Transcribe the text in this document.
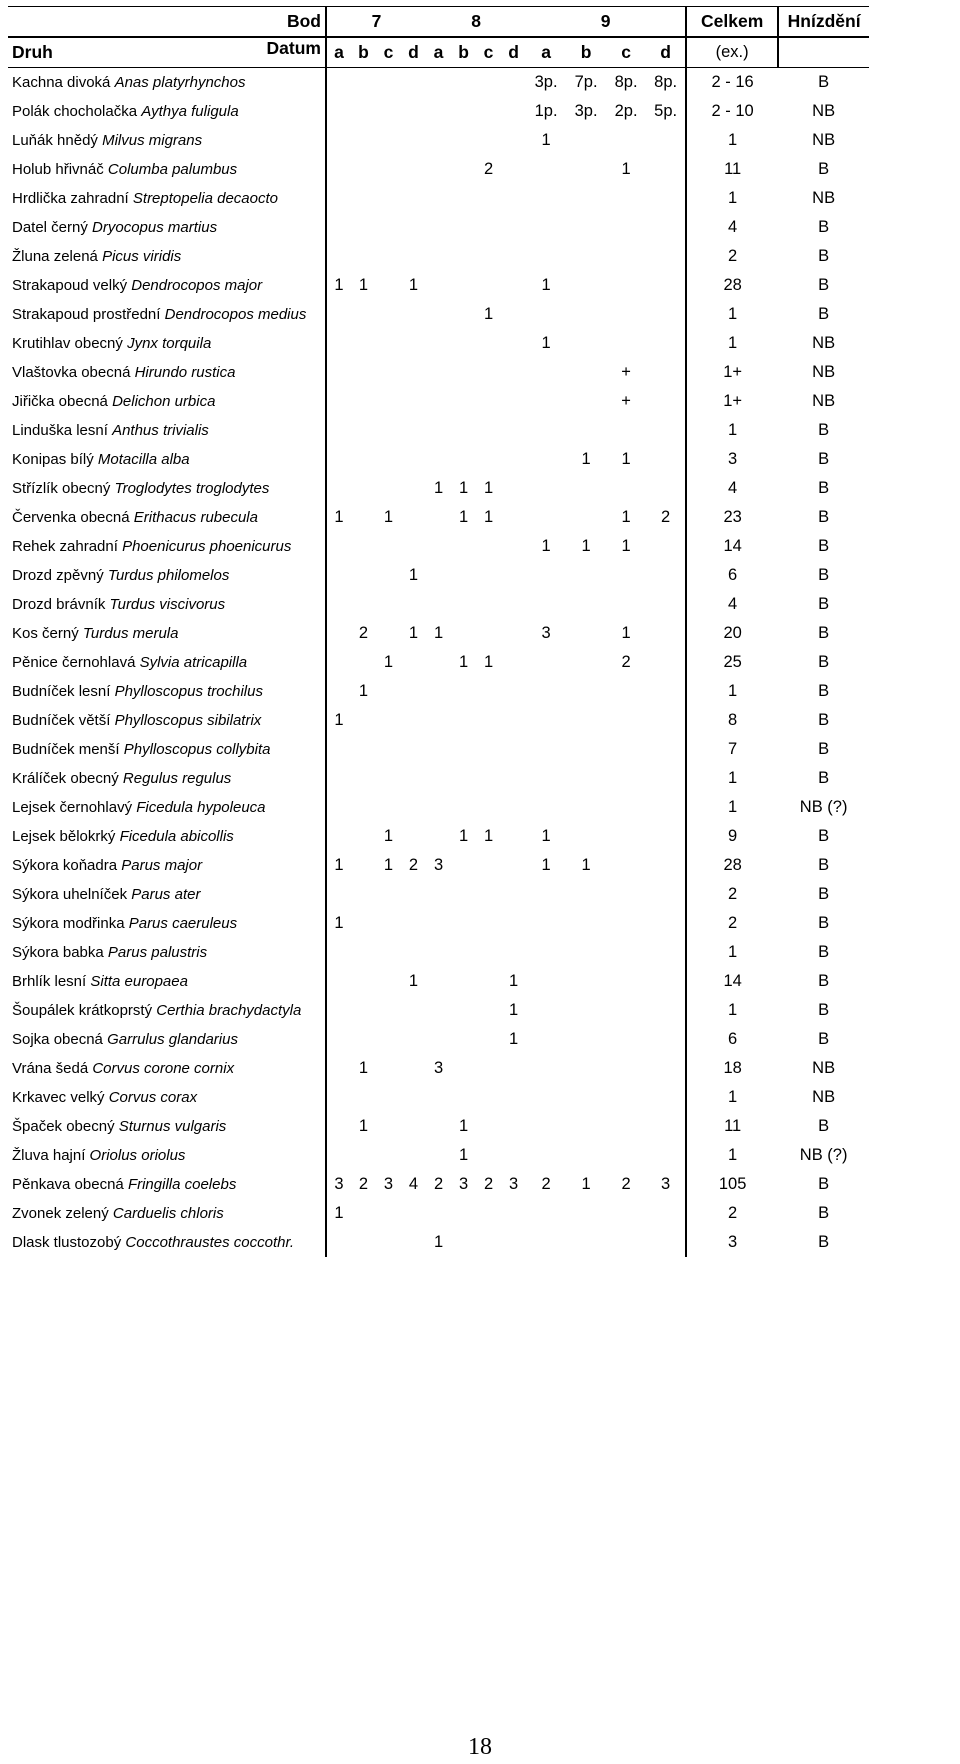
Bod	7				8				9				Celkem	Hnízdění
Druh Datum	a	b	c	d	a	b	c	d	a	b	c	d	(ex.)	
Kachna divoká Anas platyrhynchos									3p.	7p.	8p.	8p.	2 - 16	B
Polák chocholačka Aythya fuligula									1p.	3p.	2p.	5p.	2 - 10	NB
Luňák hnědý Milvus migrans									1				1	NB
Holub hřivnáč Columba palumbus							2				1		11	B
Hrdlička zahradní Streptopelia decaocto													1	NB
Datel černý Dryocopus martius													4	B
Žluna zelená Picus viridis													2	B
Strakapoud velký Dendrocopos major	1	1		1					1				28	B
Strakapoud prostřední Dendrocopos medius							1						1	B
Krutihlav obecný Jynx torquila									1				1	NB
Vlaštovka obecná Hirundo rustica											+		1+	NB
Jiřička obecná Delichon urbica											+		1+	NB
Linduška lesní Anthus trivialis													1	B
Konipas bílý Motacilla alba										1	1		3	B
Střízlík obecný Troglodytes troglodytes					1	1	1						4	B
Červenka obecná Erithacus rubecula	1		1			1	1				1	2	23	B
Rehek zahradní Phoenicurus phoenicurus									1	1	1		14	B
Drozd zpěvný Turdus philomelos				1									6	B
Drozd brávník Turdus viscivorus													4	B
Kos černý Turdus merula		2		1	1				3		1		20	B
Pěnice černohlavá Sylvia atricapilla			1			1	1				2		25	B
Budníček lesní Phylloscopus trochilus		1											1	B
Budníček větší Phylloscopus sibilatrix	1												8	B
Budníček menší Phylloscopus collybita													7	B
Králíček obecný Regulus regulus													1	B
Lejsek černohlavý Ficedula hypoleuca													1	NB (?)
Lejsek bělokrký Ficedula abicollis			1			1	1		1				9	B
Sýkora koňadra Parus major	1		1	2	3				1	1			28	B
Sýkora uhelníček Parus ater													2	B
Sýkora modřinka Parus caeruleus	1												2	B
Sýkora babka Parus palustris													1	B
Brhlík lesní Sitta europaea				1				1					14	B
Šoupálek krátkoprstý Certhia brachydactyla								1					1	B
Sojka obecná Garrulus glandarius								1					6	B
Vrána šedá Corvus corone cornix		1			3								18	NB
Krkavec velký Corvus corax													1	NB
Špaček obecný Sturnus vulgaris		1				1							11	B
Žluva hajní Oriolus oriolus						1							1	NB (?)
Pěnkava obecná Fringilla coelebs	3	2	3	4	2	3	2	3	2	1	2	3	105	B
Zvonek zelený Carduelis chloris	1												2	B
Dlask tlustozobý Coccothraustes coccothr.					1								3	B
18
